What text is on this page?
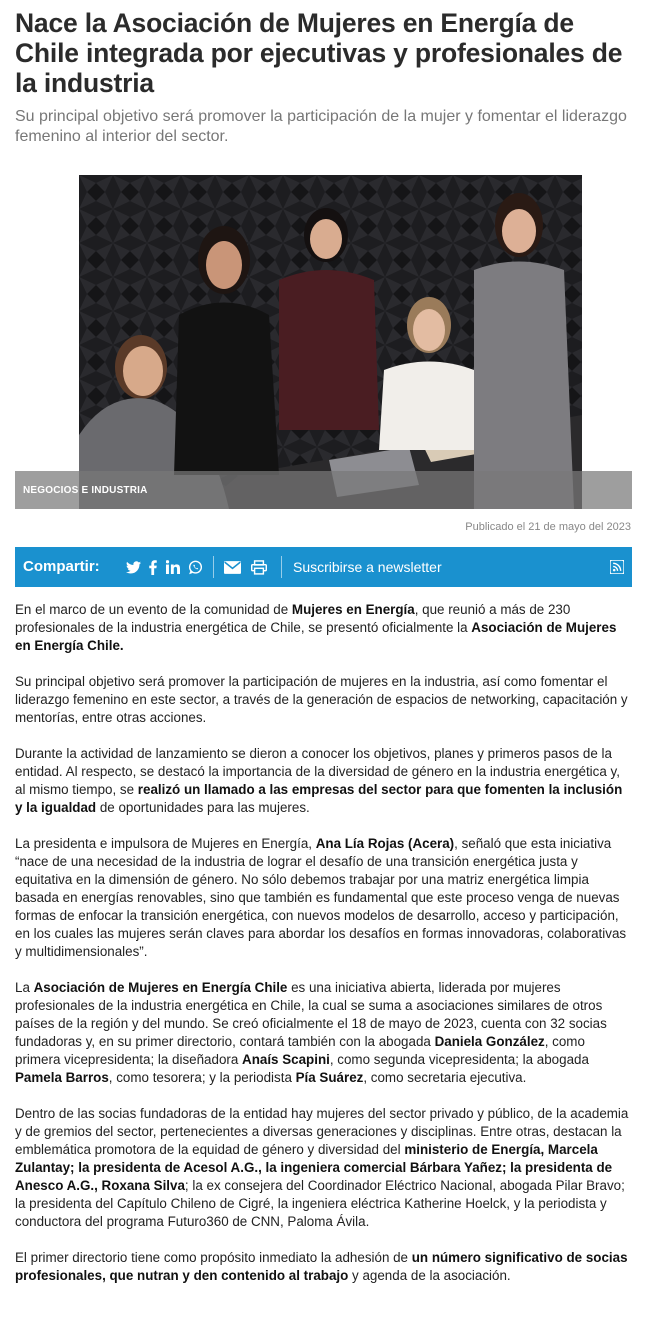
Nace la Asociación de Mujeres en Energía de Chile integrada por ejecutivas y profesionales de la industria

Su principal objetivo será promover la participación de la mujer y fomentar el liderazgo femenino al interior del sector.

NEGOCIOS E INDUSTRIA
Publicado el 21 de mayo del 2023
Compartir:	Suscribirse a newsletter

En el marco de un evento de la comunidad de Mujeres en Energía, que reunió a más de 230 profesionales de la industria energética de Chile, se presentó oficialmente la Asociación de Mujeres en Energía Chile.

Su principal objetivo será promover la participación de mujeres en la industria, así como fomentar el liderazgo femenino en este sector, a través de la generación de espacios de networking, capacitación y mentorías, entre otras acciones.

Durante la actividad de lanzamiento se dieron a conocer los objetivos, planes y primeros pasos de la entidad. Al respecto, se destacó la importancia de la diversidad de género en la industria energética y, al mismo tiempo, se realizó un llamado a las empresas del sector para que fomenten la inclusión y la igualdad de oportunidades para las mujeres.

La presidenta e impulsora de Mujeres en Energía, Ana Lía Rojas (Acera), señaló que esta iniciativa “nace de una necesidad de la industria de lograr el desafío de una transición energética justa y equitativa en la dimensión de género. No sólo debemos trabajar por una matriz energética limpia basada en energías renovables, sino que también es fundamental que este proceso venga de nuevas formas de enfocar la transición energética, con nuevos modelos de desarrollo, acceso y participación, en los cuales las mujeres serán claves para abordar los desafíos en formas innovadoras, colaborativas y multidimensionales”.

La Asociación de Mujeres en Energía Chile es una iniciativa abierta, liderada por mujeres profesionales de la industria energética en Chile, la cual se suma a asociaciones similares de otros países de la región y del mundo. Se creó oficialmente el 18 de mayo de 2023, cuenta con 32 socias fundadoras y, en su primer directorio, contará también con la abogada Daniela González, como primera vicepresidenta; la diseñadora Anaís Scapini, como segunda vicepresidenta; la abogada Pamela Barros, como tesorera; y la periodista Pía Suárez, como secretaria ejecutiva.

Dentro de las socias fundadoras de la entidad hay mujeres del sector privado y público, de la academia y de gremios del sector, pertenecientes a diversas generaciones y disciplinas. Entre otras, destacan la emblemática promotora de la equidad de género y diversidad del ministerio de Energía, Marcela Zulantay; la presidenta de Acesol A.G., la ingeniera comercial Bárbara Yañez; la presidenta de Anesco A.G., Roxana Silva; la ex consejera del Coordinador Eléctrico Nacional, abogada Pilar Bravo; la presidenta del Capítulo Chileno de Cigré, la ingeniera eléctrica Katherine Hoelck, y la periodista y conductora del programa Futuro360 de CNN, Paloma Ávila.

El primer directorio tiene como propósito inmediato la adhesión de un número significativo de socias profesionales, que nutran y den contenido al trabajo y agenda de la asociación.
